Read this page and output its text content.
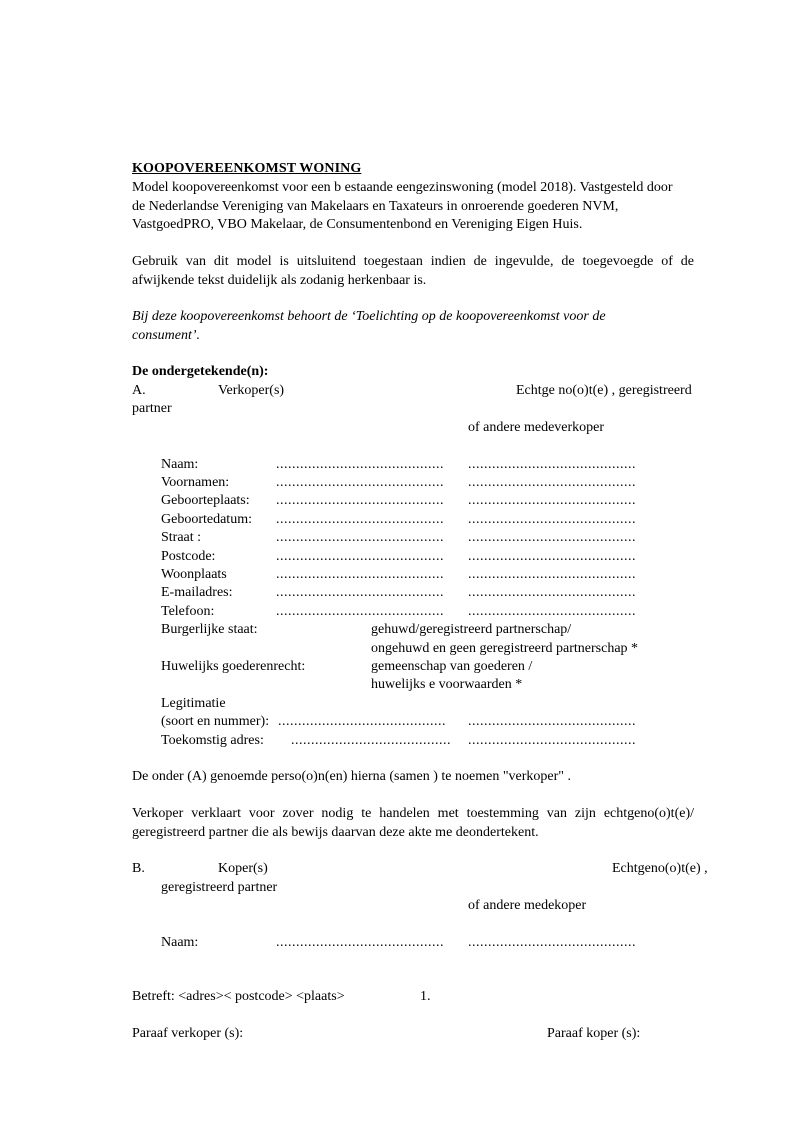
KOOPOVEREENKOMST WONING
Model koopovereenkomst voor een b estaande eengezinswoning (model 2018). Vastgesteld door
de Nederlandse Vereniging van Makelaars en Taxateurs in onroerende goederen NVM,
VastgoedPRO, VBO Makelaar, de Consumentenbond en Vereniging Eigen Huis.
Gebruik van dit model is uitsluitend toegestaan indien de ingevulde, de toegevoegde of de
afwijkende tekst duidelijk als zodanig herkenbaar is.
Bij deze koopovereenkomst behoort de ‘Toelichting op de koopovereenkomst voor de
consument’.
De ondergetekende(n):
A.	Verkoper(s)	Echtge no(o)t(e) , geregistreerd
partner
of andere medeverkoper
Naam:	.......................................... ..........................................
Voornamen:	.......................................... ..........................................
Geboorteplaats: .......................................... ..........................................
Geboortedatum: .......................................... ..........................................
Straat :	.......................................... ..........................................
Postcode:	.......................................... ..........................................
Woonplaats	.......................................... ..........................................
E-mailadres:	.......................................... ..........................................
Telefoon:	.......................................... ..........................................
Burgerlijke staat:	gehuwd/geregistreerd partnerschap/
ongehuwd en geen geregistreerd partnerschap *
Huwelijks goederenrecht:	gemeenschap van goederen /
huwelijks e voorwaarden *
Legitimatie
(soort en nummer): .......................................... ..........................................
Toekomstig adres: ........................................ ..........................................
De onder (A) genoemde perso(o)n(en) hierna (samen ) te noemen "verkoper" .
Verkoper verklaart voor zover nodig te handelen met toestemming van zijn echtgeno(o)t(e)/
geregistreerd partner die als bewijs daarvan deze akte me deondertekent.
B.	Koper(s)	Echtgeno(o)t(e) ,
geregistreerd partner
of andere medekoper
Naam:	.......................................... ..........................................
Betreft: <adres>< postcode> <plaats>	1.
Paraaf verkoper (s):	Paraaf koper (s):
